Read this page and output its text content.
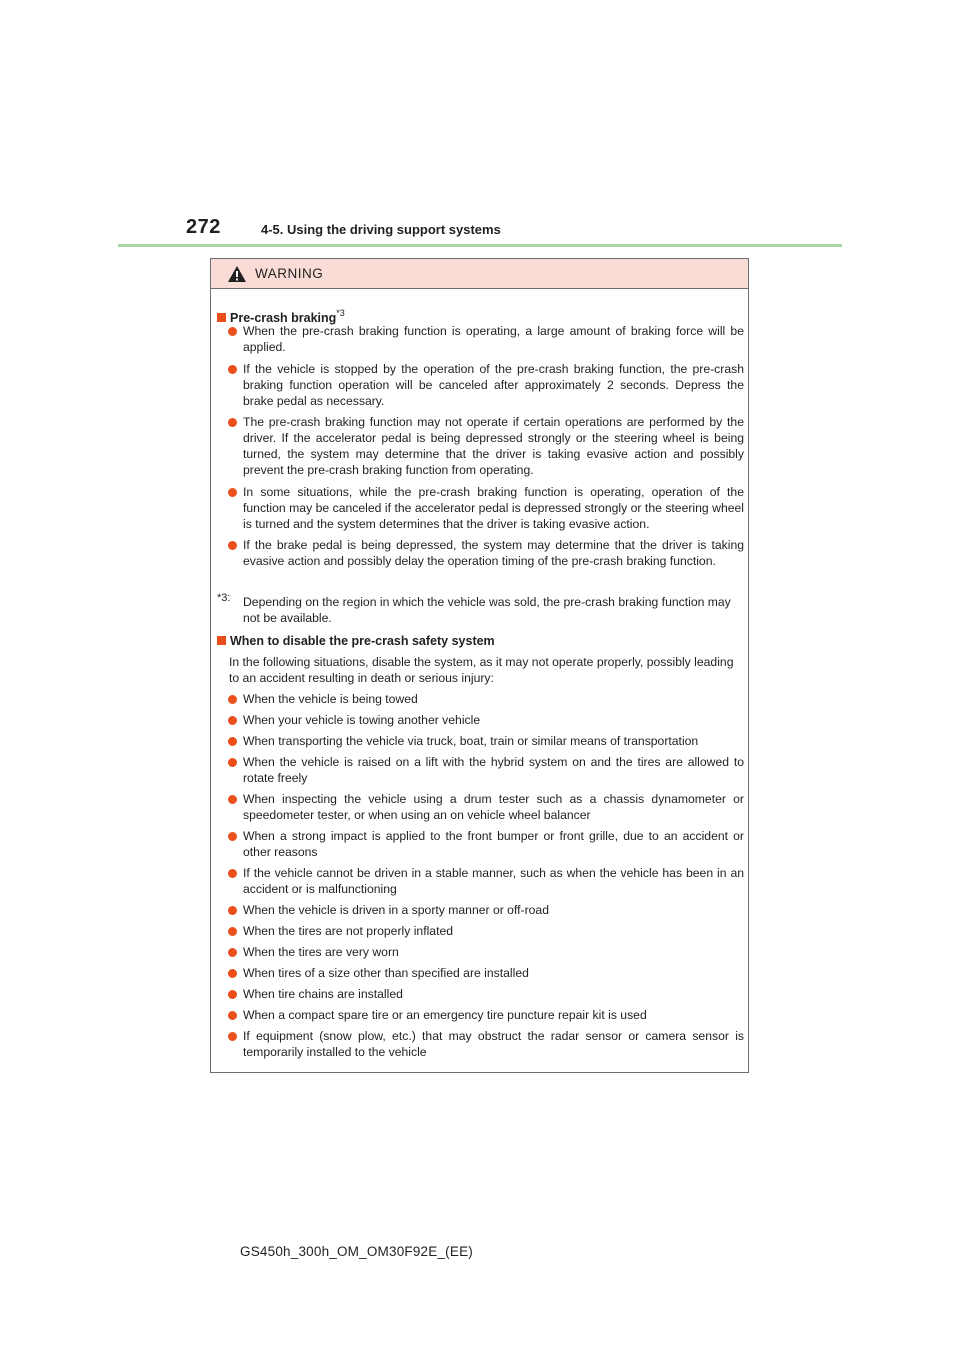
272	4-5. Using the driving support systems
WARNING
Pre-crash braking$^{*3}$
When the pre-crash braking function is operating, a large amount of braking force will be applied.
If the vehicle is stopped by the operation of the pre-crash braking function, the pre-crash braking function operation will be canceled after approximately 2 seconds. Depress the brake pedal as necessary.
The pre-crash braking function may not operate if certain operations are performed by the driver. If the accelerator pedal is being depressed strongly or the steering wheel is being turned, the system may determine that the driver is taking evasive action and possibly prevent the pre-crash braking function from operating.
In some situations, while the pre-crash braking function is operating, operation of the function may be canceled if the accelerator pedal is depressed strongly or the steering wheel is turned and the system determines that the driver is taking evasive action.
If the brake pedal is being depressed, the system may determine that the driver is taking evasive action and possibly delay the operation timing of the pre-crash braking function.
*3: Depending on the region in which the vehicle was sold, the pre-crash braking function may not be available.
When to disable the pre-crash safety system
In the following situations, disable the system, as it may not operate properly, possibly leading to an accident resulting in death or serious injury:
When the vehicle is being towed
When your vehicle is towing another vehicle
When transporting the vehicle via truck, boat, train or similar means of transportation
When the vehicle is raised on a lift with the hybrid system on and the tires are allowed to rotate freely
When inspecting the vehicle using a drum tester such as a chassis dynamometer or speedometer tester, or when using an on vehicle wheel balancer
When a strong impact is applied to the front bumper or front grille, due to an accident or other reasons
If the vehicle cannot be driven in a stable manner, such as when the vehicle has been in an accident or is malfunctioning
When the vehicle is driven in a sporty manner or off-road
When the tires are not properly inflated
When the tires are very worn
When tires of a size other than specified are installed
When tire chains are installed
When a compact spare tire or an emergency tire puncture repair kit is used
If equipment (snow plow, etc.) that may obstruct the radar sensor or camera sensor is temporarily installed to the vehicle
GS450h_300h_OM_OM30F92E_(EE)
